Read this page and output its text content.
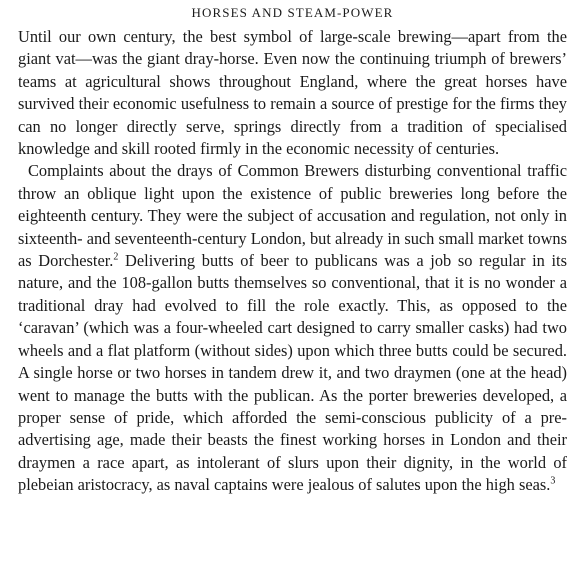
HORSES AND STEAM-POWER

Until our own century, the best symbol of large-scale brewing—apart from the giant vat—was the giant dray-horse. Even now the continuing triumph of brewers’ teams at agricultural shows throughout England, where the great horses have survived their economic usefulness to remain a source of prestige for the firms they can no longer directly serve, springs directly from a tradition of specialised knowledge and skill rooted firmly in the economic necessity of centuries.

Complaints about the drays of Common Brewers disturbing conventional traffic throw an oblique light upon the existence of public breweries long before the eighteenth century. They were the subject of accusation and regulation, not only in sixteenth- and seventeenth-century London, but already in such small market towns as Dorchester.$^2$ Delivering butts of beer to publicans was a job so regular in its nature, and the 108-gallon butts themselves so conventional, that it is no wonder a traditional dray had evolved to fill the role exactly. This, as opposed to the ‘caravan’ (which was a four-wheeled cart designed to carry smaller casks) had two wheels and a flat platform (without sides) upon which three butts could be secured. A single horse or two horses in tandem drew it, and two draymen (one at the head) went to manage the butts with the publican. As the porter breweries developed, a proper sense of pride, which afforded the semi-conscious publicity of a pre-advertising age, made their beasts the finest working horses in London and their draymen a race apart, as intolerant of slurs upon their dignity, in the world of plebeian aristocracy, as naval captains were jealous of salutes upon the high seas.$^3$
